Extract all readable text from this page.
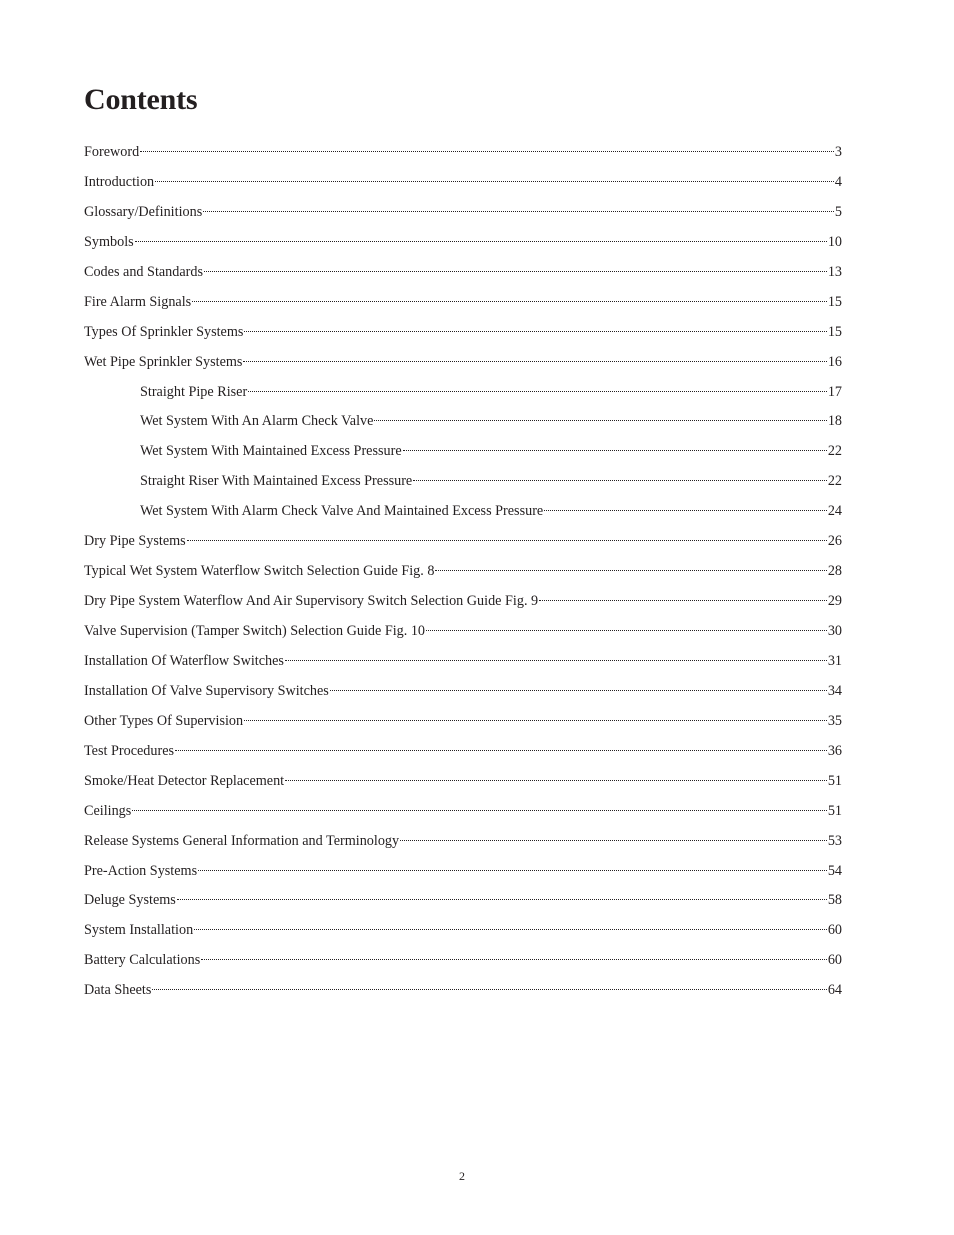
Contents
Foreword	3
Introduction	4
Glossary/Definitions	5
Symbols	10
Codes and Standards	13
Fire Alarm Signals	15
Types Of Sprinkler Systems	15
Wet Pipe Sprinkler Systems	16
Straight Pipe Riser	17
Wet System With An Alarm Check Valve	18
Wet System With Maintained Excess Pressure	22
Straight Riser With Maintained Excess Pressure	22
Wet System With Alarm Check Valve And Maintained Excess Pressure	24
Dry Pipe Systems	26
Typical Wet System Waterflow Switch Selection Guide Fig. 8	28
Dry Pipe System Waterflow And Air Supervisory Switch Selection Guide Fig. 9	29
Valve Supervision (Tamper Switch) Selection Guide Fig. 10	30
Installation Of Waterflow Switches	31
Installation Of Valve Supervisory Switches	34
Other Types Of Supervision	35
Test Procedures	36
Smoke/Heat Detector Replacement	51
Ceilings	51
Release Systems General Information and Terminology	53
Pre-Action Systems	54
Deluge Systems	58
System Installation	60
Battery Calculations	60
Data Sheets	64
2
